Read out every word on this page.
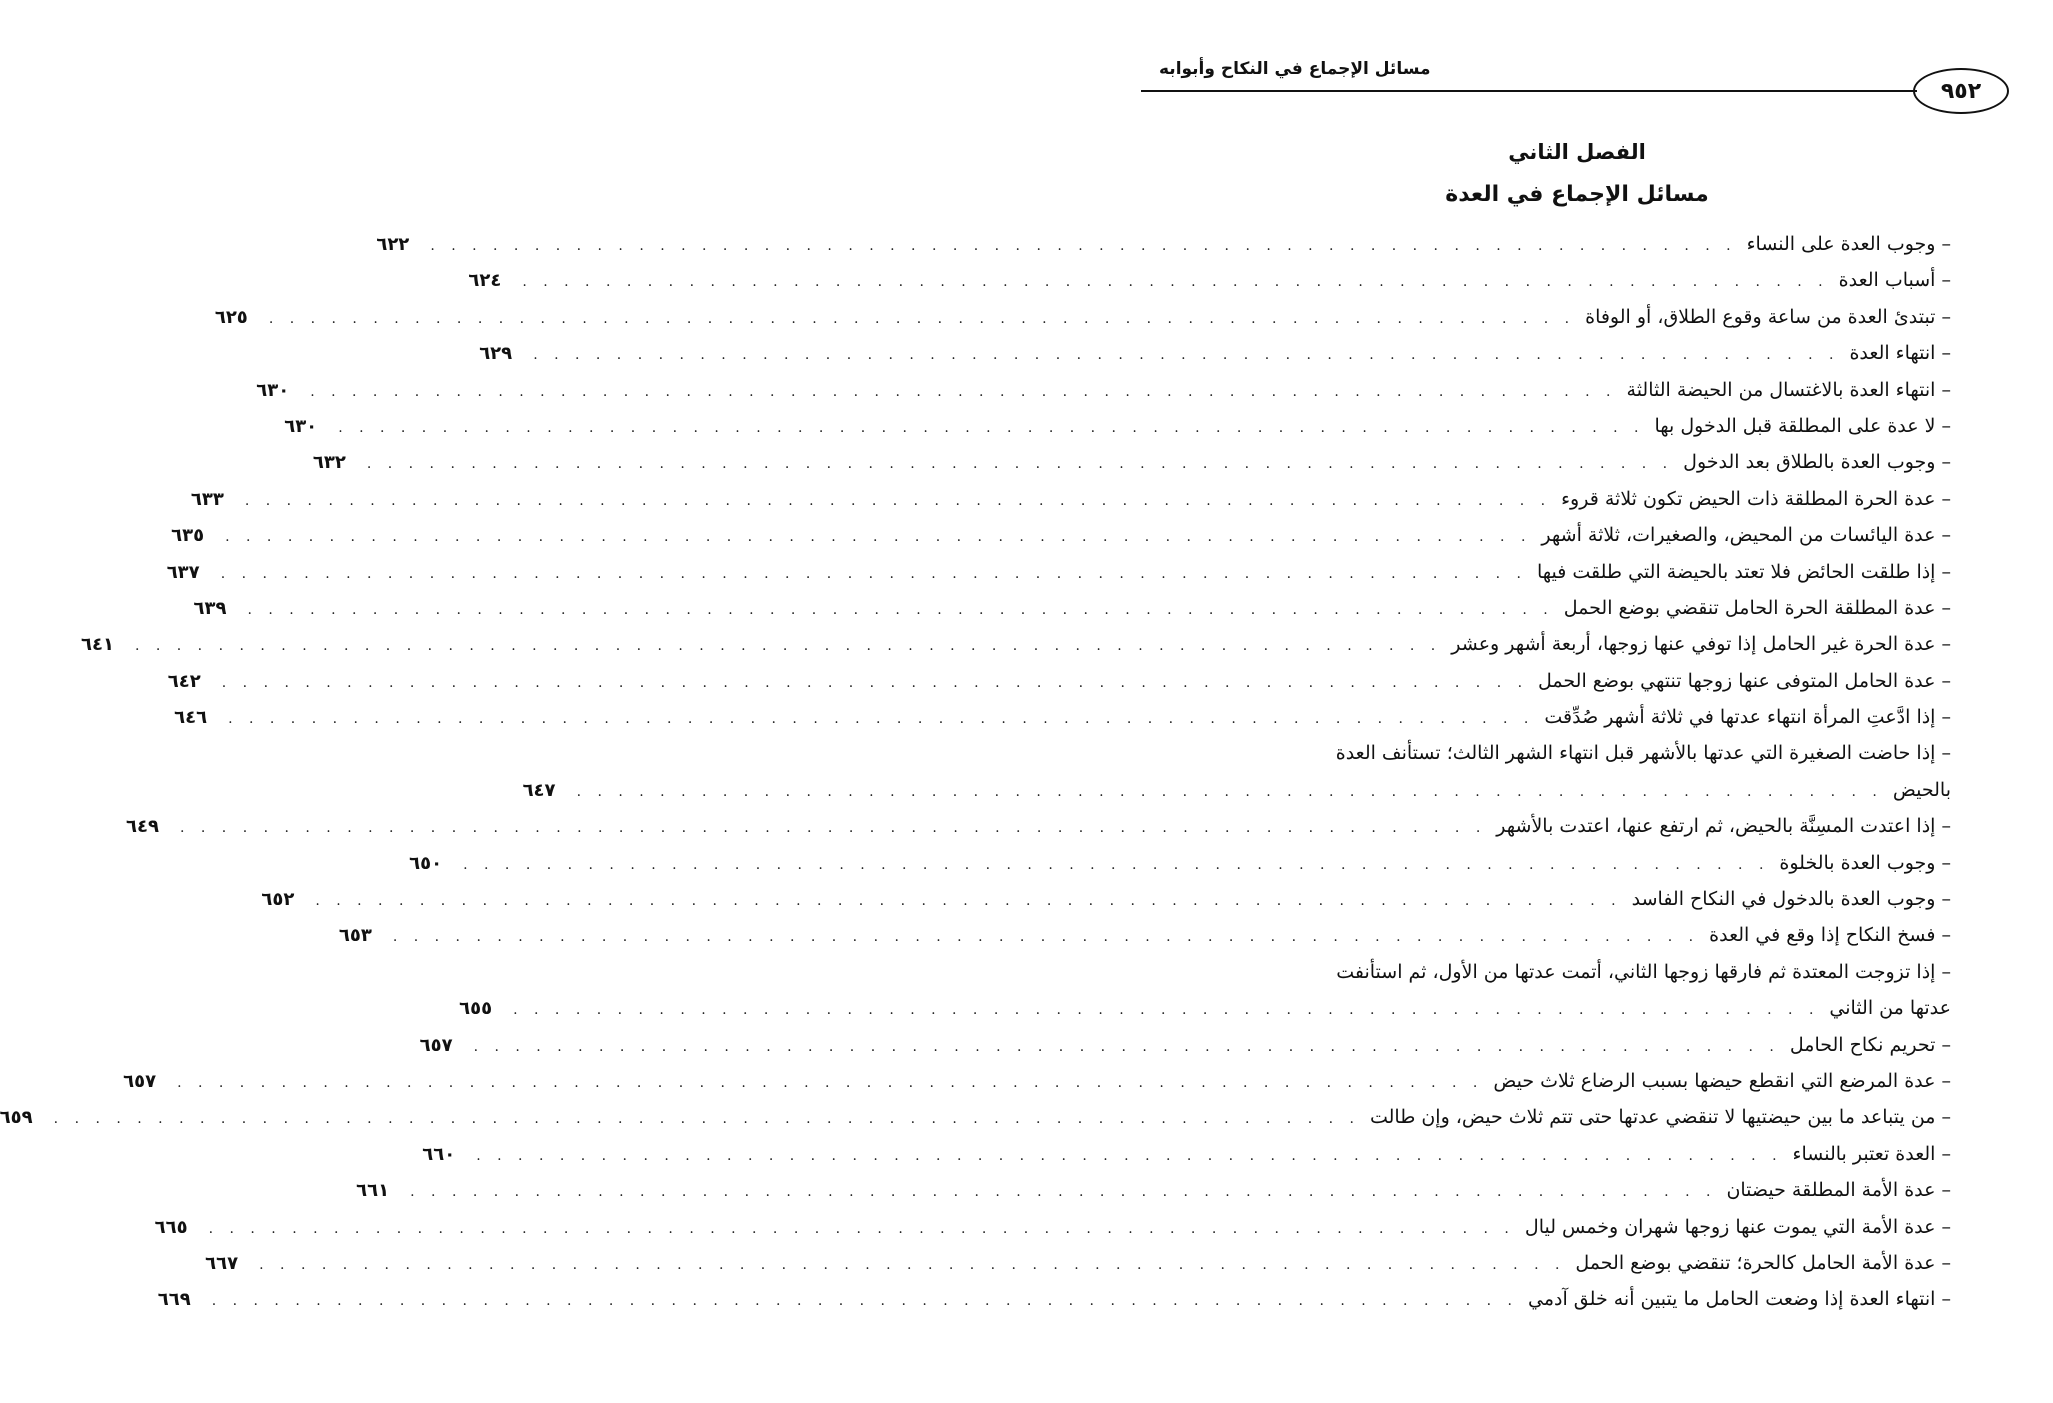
٩٥٢
مسائل الإجماع في النكاح وأبوابه
الفصل الثاني
مسائل الإجماع في العدة
– وجوب العدة على النساء
. . . . . . . . . . . . . . . . . . . . . . . . . . . . . . . . . . . . . . . . . . . . . . . . . . . . . . . . . . . . . . .
٦٢٢
– أسباب العدة
. . . . . . . . . . . . . . . . . . . . . . . . . . . . . . . . . . . . . . . . . . . . . . . . . . . . . . . . . . . . . . .
٦٢٤
– تبتدئ العدة من ساعة وقوع الطلاق، أو الوفاة
. . . . . . . . . . . . . . . . . . . . . . . . . . . . . . . . . . . . . . . . . . . . . . . . . . . . . . . . . . . . . . .
٦٢٥
– انتهاء العدة
. . . . . . . . . . . . . . . . . . . . . . . . . . . . . . . . . . . . . . . . . . . . . . . . . . . . . . . . . . . . . . .
٦٢٩
– انتهاء العدة بالاغتسال من الحيضة الثالثة
. . . . . . . . . . . . . . . . . . . . . . . . . . . . . . . . . . . . . . . . . . . . . . . . . . . . . . . . . . . . . . .
٦٣٠
– لا عدة على المطلقة قبل الدخول بها
. . . . . . . . . . . . . . . . . . . . . . . . . . . . . . . . . . . . . . . . . . . . . . . . . . . . . . . . . . . . . . .
٦٣٠
– وجوب العدة بالطلاق بعد الدخول
. . . . . . . . . . . . . . . . . . . . . . . . . . . . . . . . . . . . . . . . . . . . . . . . . . . . . . . . . . . . . . .
٦٣٢
– عدة الحرة المطلقة ذات الحيض تكون ثلاثة قروء
. . . . . . . . . . . . . . . . . . . . . . . . . . . . . . . . . . . . . . . . . . . . . . . . . . . . . . . . . . . . . . .
٦٣٣
– عدة اليائسات من المحيض، والصغيرات، ثلاثة أشهر
. . . . . . . . . . . . . . . . . . . . . . . . . . . . . . . . . . . . . . . . . . . . . . . . . . . . . . . . . . . . . . .
٦٣٥
– إذا طلقت الحائض فلا تعتد بالحيضة التي طلقت فيها
. . . . . . . . . . . . . . . . . . . . . . . . . . . . . . . . . . . . . . . . . . . . . . . . . . . . . . . . . . . . . . .
٦٣٧
– عدة المطلقة الحرة الحامل تنقضي بوضع الحمل
. . . . . . . . . . . . . . . . . . . . . . . . . . . . . . . . . . . . . . . . . . . . . . . . . . . . . . . . . . . . . . .
٦٣٩
– عدة الحرة غير الحامل إذا توفي عنها زوجها، أربعة أشهر وعشر
. . . . . . . . . . . . . . . . . . . . . . . . . . . . . . . . . . . . . . . . . . . . . . . . . . . . . . . . . . . . . . .
٦٤١
– عدة الحامل المتوفى عنها زوجها تنتهي بوضع الحمل
. . . . . . . . . . . . . . . . . . . . . . . . . . . . . . . . . . . . . . . . . . . . . . . . . . . . . . . . . . . . . . .
٦٤٢
– إذا ادَّعتِ المرأة انتهاء عدتها في ثلاثة أشهر صُدِّقت
. . . . . . . . . . . . . . . . . . . . . . . . . . . . . . . . . . . . . . . . . . . . . . . . . . . . . . . . . . . . . . .
٦٤٦
– إذا حاضت الصغيرة التي عدتها بالأشهر قبل انتهاء الشهر الثالث؛ تستأنف العدة
بالحيض
. . . . . . . . . . . . . . . . . . . . . . . . . . . . . . . . . . . . . . . . . . . . . . . . . . . . . . . . . . . . . . .
٦٤٧
– إذا اعتدت المسِنَّة بالحيض، ثم ارتفع عنها، اعتدت بالأشهر
. . . . . . . . . . . . . . . . . . . . . . . . . . . . . . . . . . . . . . . . . . . . . . . . . . . . . . . . . . . . . . .
٦٤٩
– وجوب العدة بالخلوة
. . . . . . . . . . . . . . . . . . . . . . . . . . . . . . . . . . . . . . . . . . . . . . . . . . . . . . . . . . . . . . .
٦٥٠
– وجوب العدة بالدخول في النكاح الفاسد
. . . . . . . . . . . . . . . . . . . . . . . . . . . . . . . . . . . . . . . . . . . . . . . . . . . . . . . . . . . . . . .
٦٥٢
– فسخ النكاح إذا وقع في العدة
. . . . . . . . . . . . . . . . . . . . . . . . . . . . . . . . . . . . . . . . . . . . . . . . . . . . . . . . . . . . . . .
٦٥٣
– إذا تزوجت المعتدة ثم فارقها زوجها الثاني، أتمت عدتها من الأول، ثم استأنفت
عدتها من الثاني
. . . . . . . . . . . . . . . . . . . . . . . . . . . . . . . . . . . . . . . . . . . . . . . . . . . . . . . . . . . . . . .
٦٥٥
– تحريم نكاح الحامل
. . . . . . . . . . . . . . . . . . . . . . . . . . . . . . . . . . . . . . . . . . . . . . . . . . . . . . . . . . . . . . .
٦٥٧
– عدة المرضع التي انقطع حيضها بسبب الرضاع ثلاث حيض
. . . . . . . . . . . . . . . . . . . . . . . . . . . . . . . . . . . . . . . . . . . . . . . . . . . . . . . . . . . . . . .
٦٥٧
– من يتباعد ما بين حيضتيها لا تنقضي عدتها حتى تتم ثلاث حيض، وإن طالت
. . . . . . . . . . . . . . . . . . . . . . . . . . . . . . . . . . . . . . . . . . . . . . . . . . . . . . . . . . . . . . .
٦٥٩
– العدة تعتبر بالنساء
. . . . . . . . . . . . . . . . . . . . . . . . . . . . . . . . . . . . . . . . . . . . . . . . . . . . . . . . . . . . . . .
٦٦٠
– عدة الأمة المطلقة حيضتان
. . . . . . . . . . . . . . . . . . . . . . . . . . . . . . . . . . . . . . . . . . . . . . . . . . . . . . . . . . . . . . .
٦٦١
– عدة الأمة التي يموت عنها زوجها شهران وخمس ليال
. . . . . . . . . . . . . . . . . . . . . . . . . . . . . . . . . . . . . . . . . . . . . . . . . . . . . . . . . . . . . . .
٦٦٥
– عدة الأمة الحامل كالحرة؛ تنقضي بوضع الحمل
. . . . . . . . . . . . . . . . . . . . . . . . . . . . . . . . . . . . . . . . . . . . . . . . . . . . . . . . . . . . . . .
٦٦٧
– انتهاء العدة إذا وضعت الحامل ما يتبين أنه خلق آدمي
. . . . . . . . . . . . . . . . . . . . . . . . . . . . . . . . . . . . . . . . . . . . . . . . . . . . . . . . . . . . . . .
٦٦٩
